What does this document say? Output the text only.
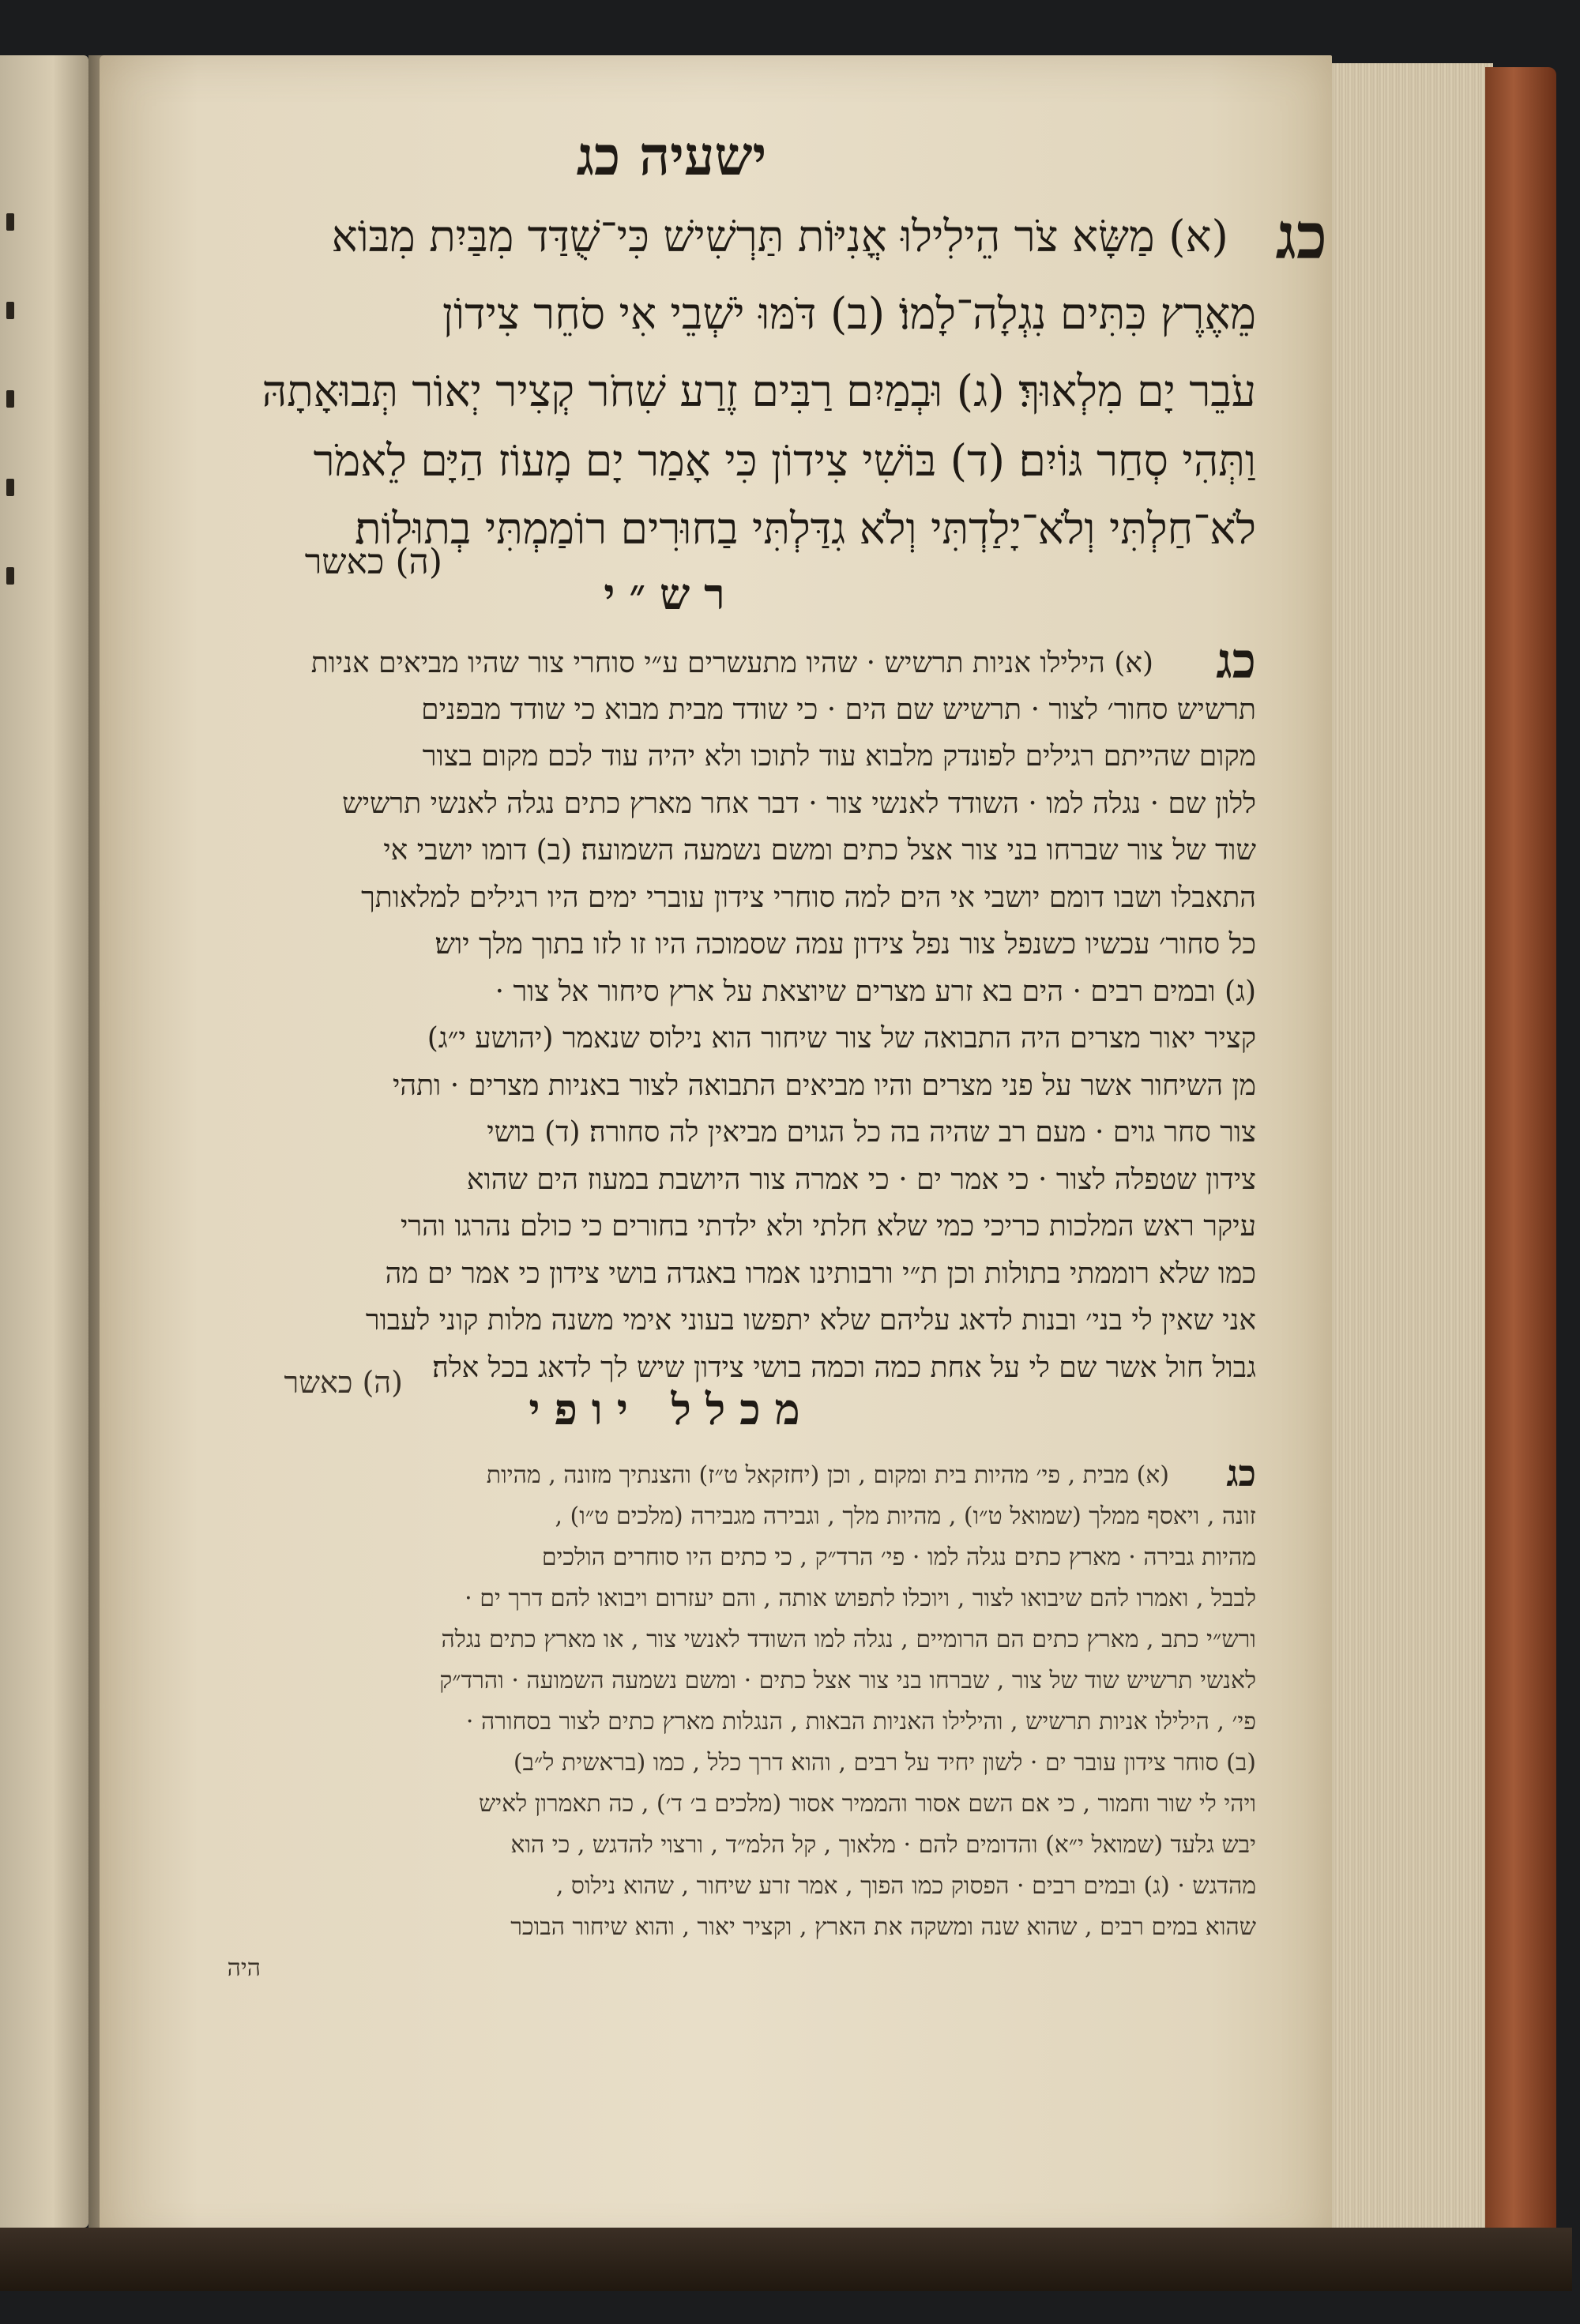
ישעיה כג
כג
(א) מַשָּׂא צֹר הֵילִילוּ אֳנִיּוֹת תַּרְשִׁישׁ כִּי־שֻׁדַּד מִבַּיִת מִבּוֹא
מֵאֶרֶץ כִּתִּים נִגְלָה־לָמוֹ׃ (ב) דֹּמּוּ יֹשְׁבֵי אִי סֹחֵר צִידוֹן
עֹבֵר יָם מִלְאוּךְ׃ (ג) וּבְמַיִם רַבִּים זֶרַע שִׁחֹר קְצִיר יְאוֹר תְּבוּאָתָהּ
וַתְּהִי סְחַר גּוֹיִם׃ (ד) בּוֹשִׁי צִידוֹן כִּי אָמַר יָם מָעוֹז הַיָּם לֵאמֹר
לֹא־חַלְתִּי וְלֹא־יָלַדְתִּי וְלֹא גִדַּלְתִּי בַחוּרִים רוֹמַמְתִּי בְתוּלוֹת׃
(ה) כאשר
רש״י
כג
(א) הילילו אניות תרשיש · שהיו מתעשרים ע״י סוחרי צור שהיו מביאים אניות
תרשיש סחור׳ לצור · תרשיש שם הים · כי שודד מבית מבוא כי שודד מבפנים
מקום שהייתם רגילים לפונדק מלבוא עוד לתוכו ולא יהיה עוד לכם מקום בצור
ללון שם · נגלה למו · השודד לאנשי צור · דבר אחר מארץ כתים נגלה לאנשי תרשיש
שוד של צור שברחו בני צור אצל כתים ומשם נשמעה השמועה׃ (ב) דומו יושבי אי
התאבלו ושבו דומם יושבי אי הים למה סוחרי צידון עוברי ימים היו רגילים למלאותך
כל סחור׳ עכשיו כשנפל צור נפל צידון עמה שסמוכה היו זו לזו בתוך מלך יוש׃
(ג) ובמים רבים · הים בא זרע מצרים שיוצאת על ארץ סיחור אל צור ·
קציר יאור מצרים היה התבואה של צור שיחור הוא נילוס שנאמר (יהושע י״ג)
מן השיחור אשר על פני מצרים והיו מביאים התבואה לצור באניות מצרים · ותהי
צור סחר גוים · מעם רב שהיה בה כל הגוים מביאין לה סחורה׃ (ד) בושי
צידון שטפלה לצור · כי אמר ים · כי אמרה צור היושבת במעוז הים שהוא
עיקר ראש המלכות כריכי כמי שלא חלתי ולא ילדתי בחורים כי כולם נהרגו והרי
כמו שלא רוממתי בתולות וכן ת״י ורבותינו אמרו באגדה בושי צידון כי אמר ים מה
אני שאין לי בני׳ ובנות לדאג עליהם שלא יתפשו בעוני אימי משנה מלות קוני לעבור
גבול חול אשר שם לי על אחת כמה וכמה בושי צידון שיש לך לדאג בכל אלה׃
(ה) כאשר
מכלל יופי
כג
(א) מבית , פי׳ מהיות בית ומקום , וכן (יחזקאל ט״ז) והצנתיך מזונה , מהיות
זונה , ויאסף ממלך (שמואל ט״ו) , מהיות מלך , וגבירה מגבירה (מלכים ט״ו) ,
מהיות גבירה · מארץ כתים נגלה למו · פי׳ הרד״ק , כי כתים היו סוחרים הולכים
לבבל , ואמרו להם שיבואו לצור , ויוכלו לתפוש אותה , והם יעזרום ויבואו להם דרך ים ·
ורש״י כתב , מארץ כתים הם הרומיים , נגלה למו השודד לאנשי צור , או מארץ כתים נגלה
לאנשי תרשיש שוד של צור , שברחו בני צור אצל כתים · ומשם נשמעה השמועה · והרד״ק
פי׳ , הילילו אניות תרשיש , והילילו האניות הבאות , הנגלות מארץ כתים לצור בסחורה ·
(ב) סוחר צידון עובר ים · לשון יחיד על רבים , והוא דרך כלל , כמו (בראשית ל״ב)
ויהי לי שור וחמור , כי אם השם אסור והממיר אסור (מלכים ב׳ ד׳) , כה תאמרון לאיש
יבש גלעד (שמואל י״א) והדומים להם · מלאוך , קל הלמ״ד , ורצוי להדגש , כי הוא
מהדגש · (ג) ובמים רבים · הפסוק כמו הפוך , אמר זרע שיחור , שהוא נילוס ,
שהוא במים רבים , שהוא שנה ומשקה את הארץ , וקציר יאור , והוא שיחור הבוכר
היה
